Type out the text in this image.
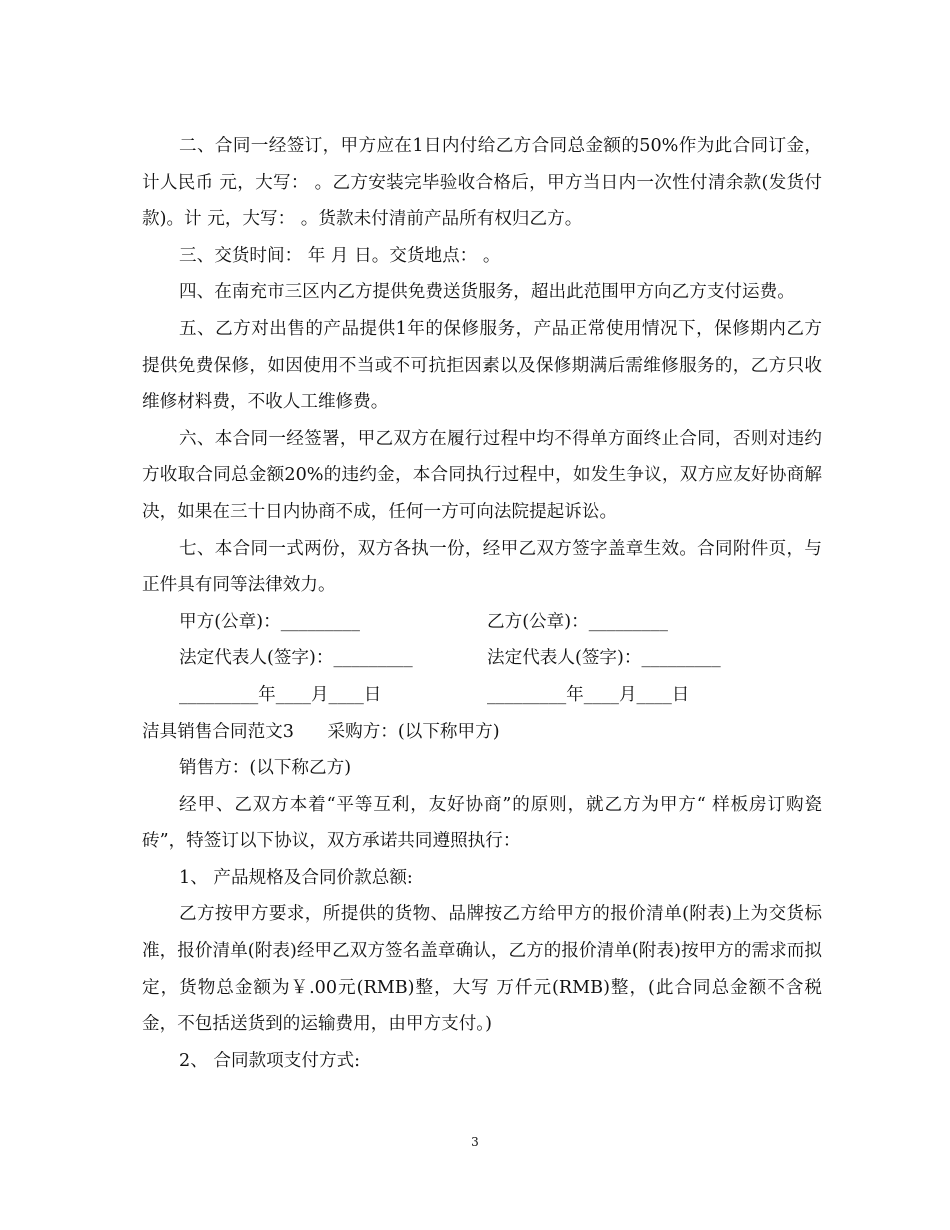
二、合同一经签订，甲方应在1日内付给乙方合同总金额的50%作为此合同订金，计人民币 元，大写： 。乙方安装完毕验收合格后，甲方当日内一次性付清余款(发货付款)。计 元，大写： 。货款未付清前产品所有权归乙方。

三、交货时间： 年 月 日。交货地点： 。

四、在南充市三区内乙方提供免费送货服务，超出此范围甲方向乙方支付运费。

五、乙方对出售的产品提供1年的保修服务，产品正常使用情况下，保修期内乙方提供免费保修，如因使用不当或不可抗拒因素以及保修期满后需维修服务的，乙方只收维修材料费，不收人工维修费。

六、本合同一经签署，甲乙双方在履行过程中均不得单方面终止合同，否则对违约方收取合同总金额20%的违约金，本合同执行过程中，如发生争议，双方应友好协商解决，如果在三十日内协商不成，任何一方可向法院提起诉讼。

七、本合同一式两份，双方各执一份，经甲乙双方签字盖章生效。合同附件页，与正件具有同等法律效力。

甲方(公章)：_________	乙方(公章)：_________
法定代表人(签字)：_________	法定代表人(签字)：_________
_________年____月____日	_________年____月____日

洁具销售合同范文3      采购方：(以下称甲方)

销售方：(以下称乙方)

经甲、乙双方本着“平等互利，友好协商”的原则，就乙方为甲方“ 样板房订购瓷砖”，特签订以下协议，双方承诺共同遵照执行：

1、 产品规格及合同价款总额:

乙方按甲方要求，所提供的货物、品牌按乙方给甲方的报价清单(附表)上为交货标准，报价清单(附表)经甲乙双方签名盖章确认，乙方的报价清单(附表)按甲方的需求而拟定，货物总金额为￥.00元(RMB)整，大写 万仟元(RMB)整，(此合同总金额不含税金，不包括送货到的运输费用，由甲方支付。)

2、 合同款项支付方式:

3
